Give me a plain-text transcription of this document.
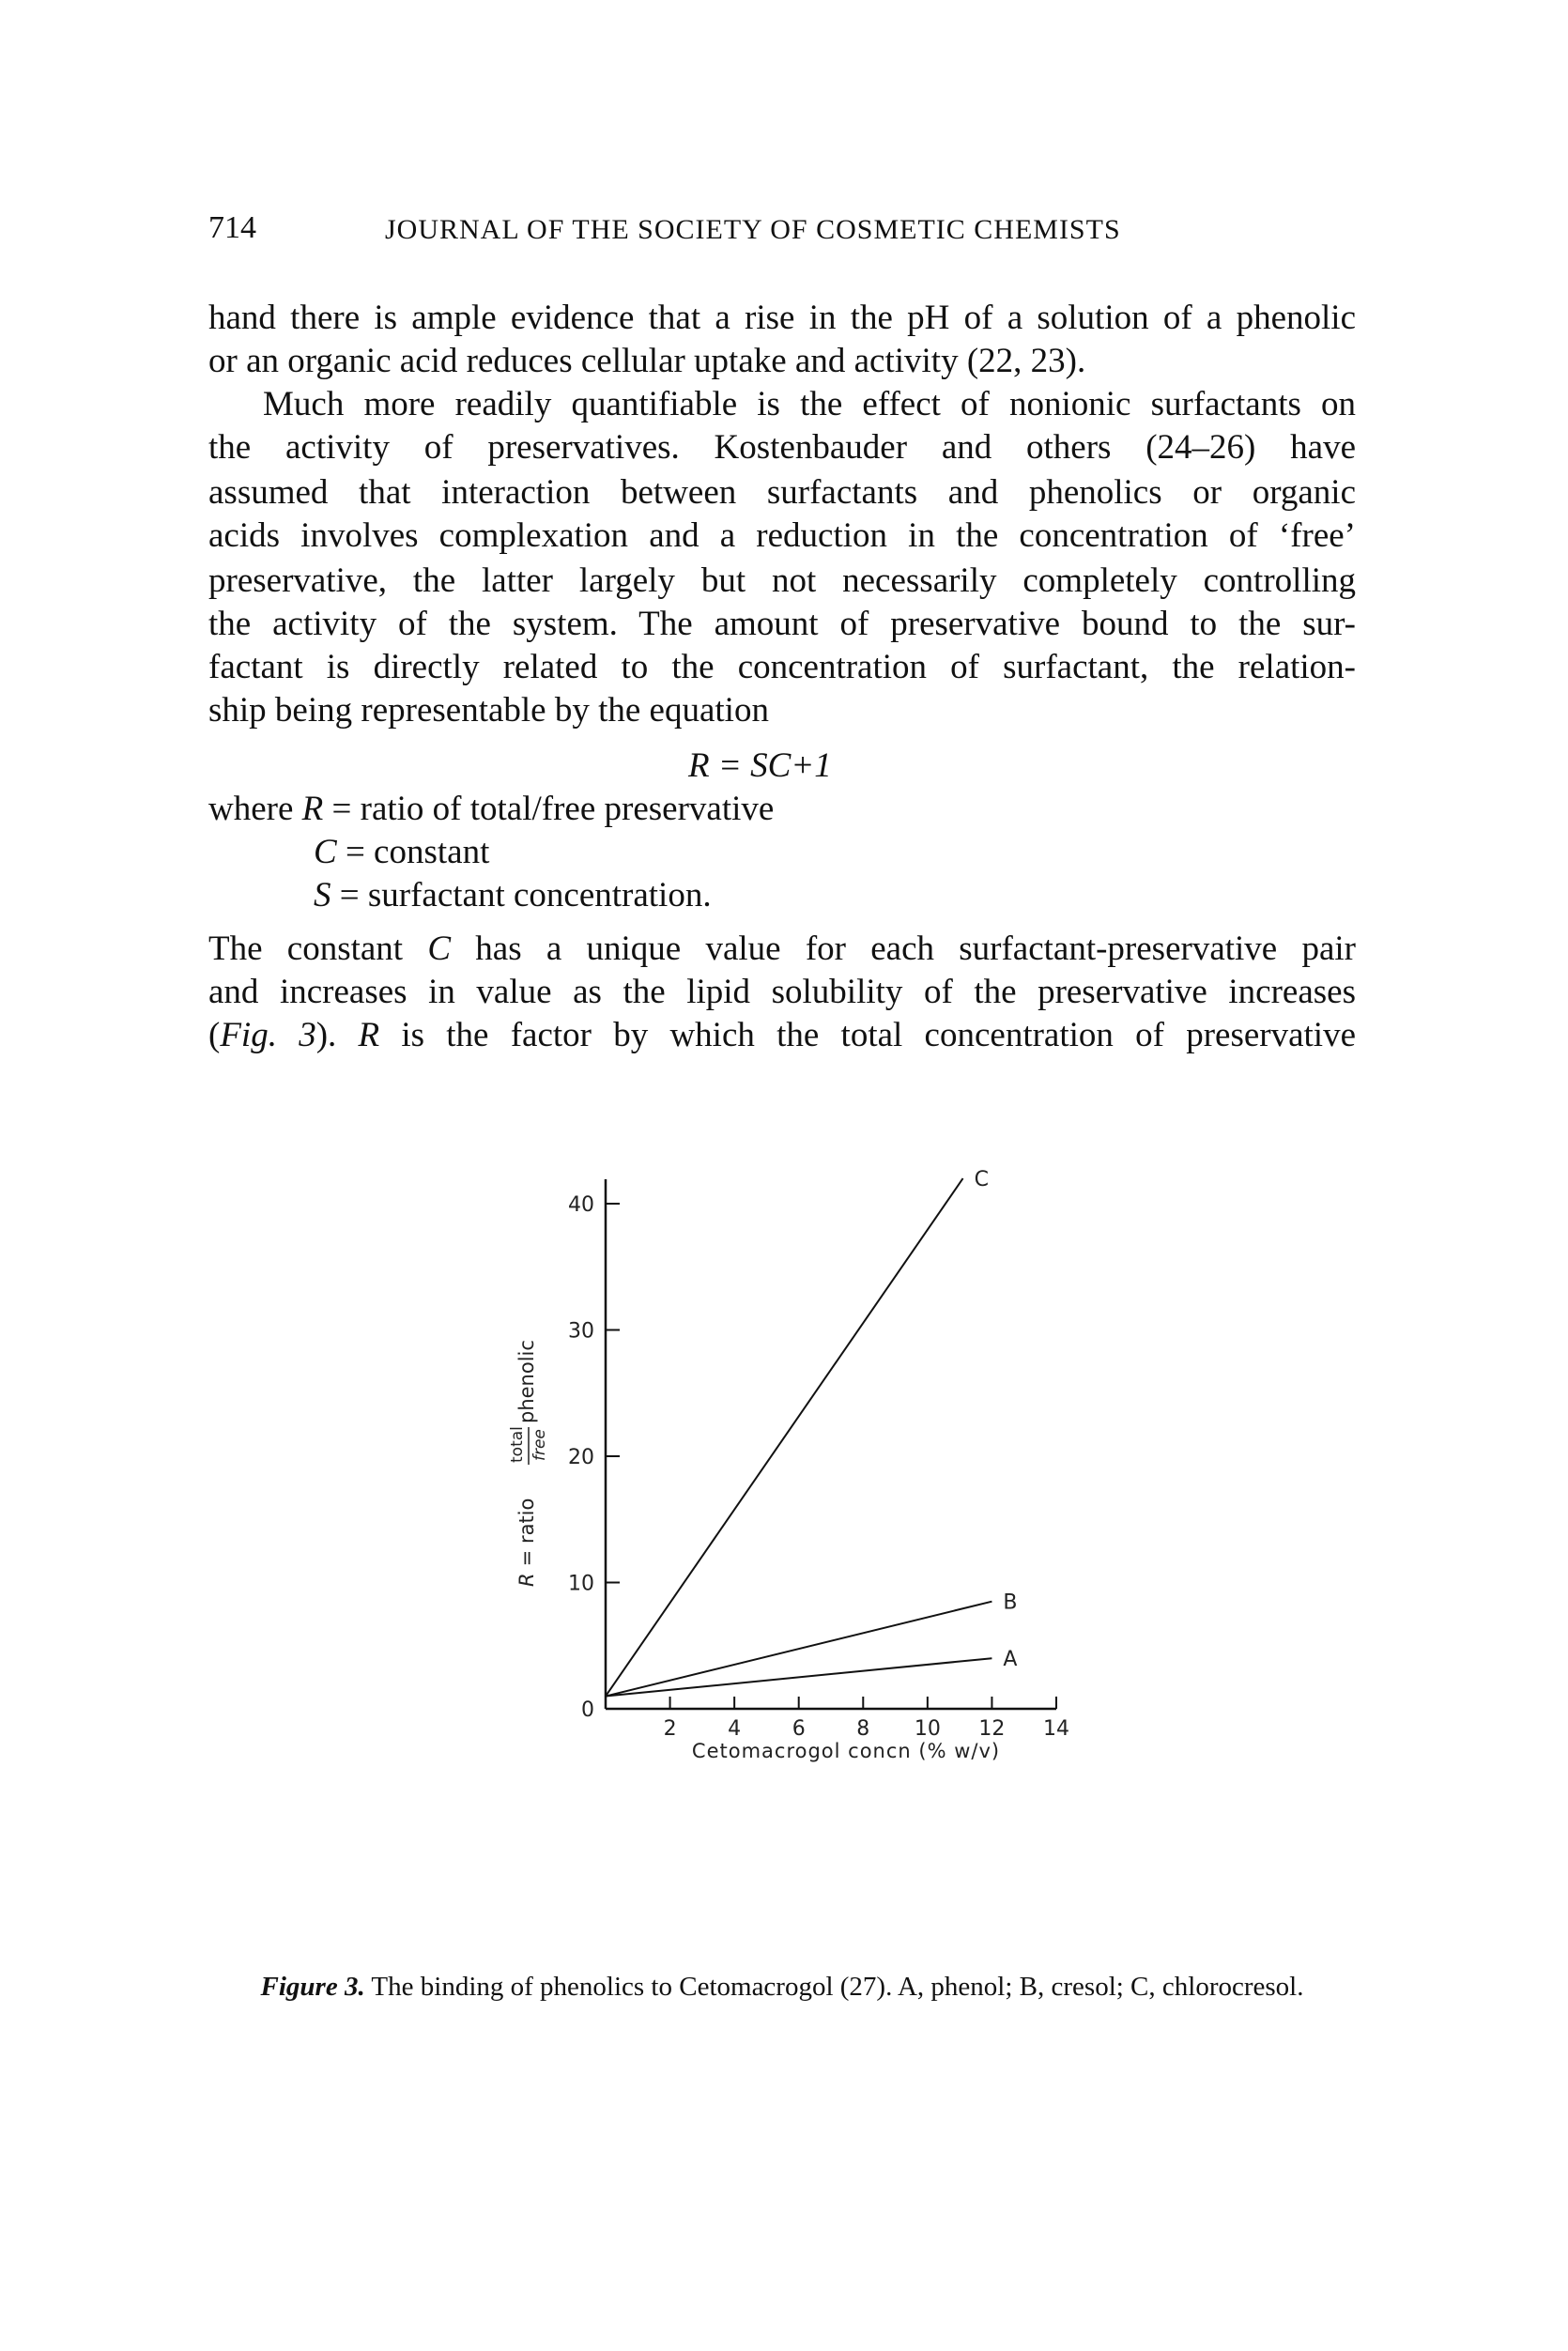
714	JOURNAL OF THE SOCIETY OF COSMETIC CHEMISTS
hand there is ample evidence that a rise in the pH of a solution of a phenolic
or an organic acid reduces cellular uptake and activity (22, 23).
Much more readily quantifiable is the effect of nonionic surfactants on
the activity of preservatives. Kostenbauder and others (24–26) have
assumed that interaction between surfactants and phenolics or organic
acids involves complexation and a reduction in the concentration of ‘free’
preservative, the latter largely but not necessarily completely controlling
the activity of the system. The amount of preservative bound to the sur-
factant is directly related to the concentration of surfactant, the relation-
ship being representable by the equation
R = SC+1
where R = ratio of total/free preservative
C = constant
S = surfactant concentration.
The constant C has a unique value for each surfactant-preservative pair
and increases in value as the lipid solubility of the preservative increases
(Fig. 3). R is the factor by which the total concentration of preservative
0
10
20
30
40
2 4 6 8 10 12 14
A
B
C
Cetomacrogol concn (% w/v)
R
= ratio
total free
phenolic
Figure 3. The binding of phenolics to Cetomacrogol (27). A, phenol; B, cresol; C, chlorocresol.
